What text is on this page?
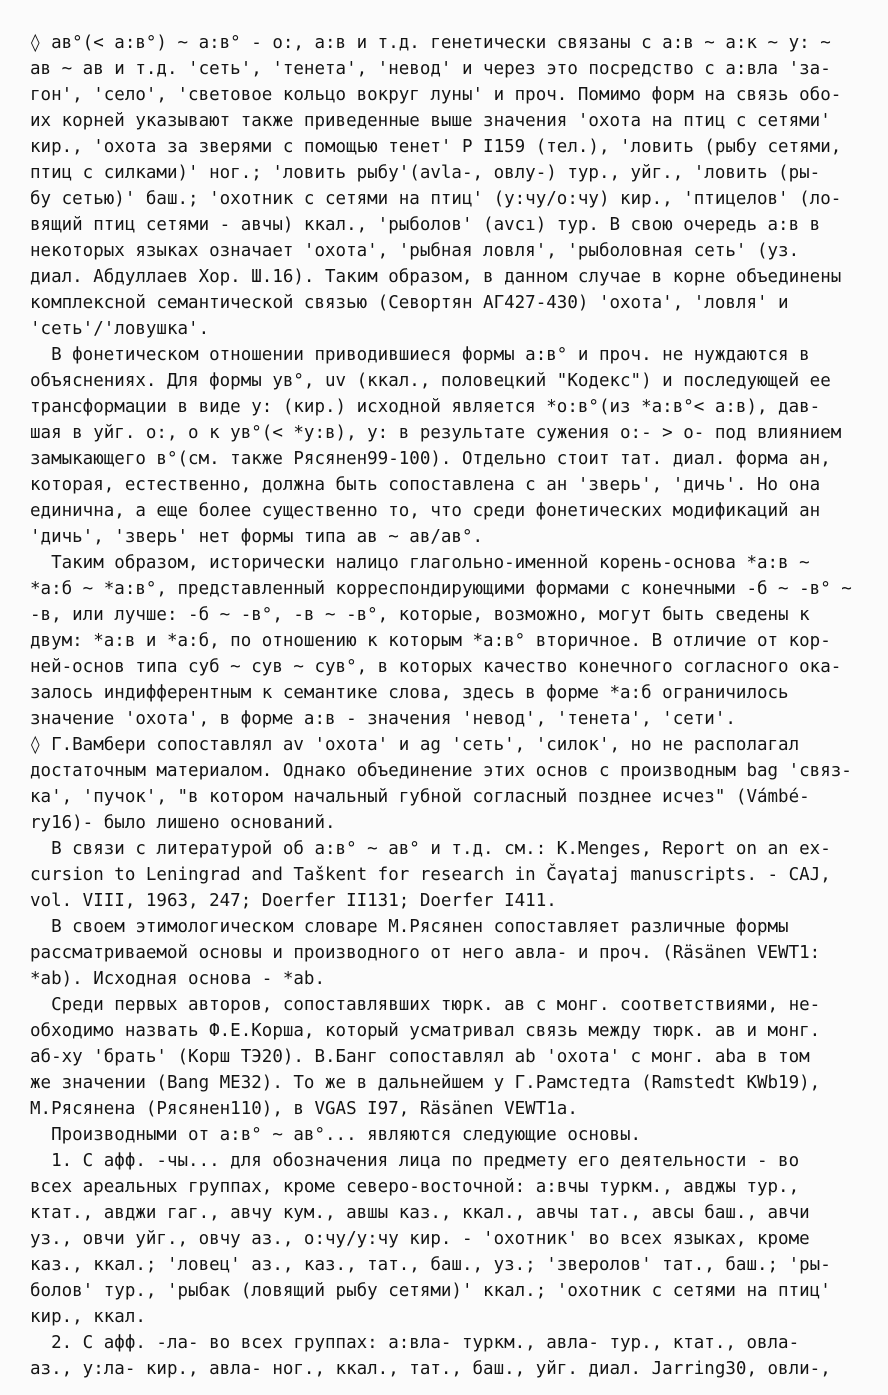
◊ ав°(< а:в°) ~ а:в° - о:, а:в и т.д. генетически связаны с а:в ~ а:к ~ у: ~
ав ~ ав и т.д. 'сеть', 'тенета', 'невод' и через это посредство с а:вла 'за-
гон', 'село', 'световое кольцо вокруг луны' и проч. Помимо форм на связь обо-
их корней указывают также приведенные выше значения 'охота на птиц с сетями'
кир., 'охота за зверями с помощью тенет' Р I159 (тел.), 'ловить (рыбу сетями,
птиц с силками)' ног.; 'ловить рыбу'(avla-, овлу-) тур., уйг., 'ловить (ры-
бу сетью)' баш.; 'охотник с сетями на птиц' (у:чу/о:чу) кир., 'птицелов' (ло-
вящий птиц сетями - авчы) ккал., 'рыболов' (avcı) тур. В свою очередь а:в в
некоторых языках означает 'охота', 'рыбная ловля', 'рыболовная сеть' (уз.
диал. Абдуллаев Хор. Ш.16). Таким образом, в данном случае в корне объединены
комплексной семантической связью (Севортян АГ427-430) 'охота', 'ловля' и
'сеть'/'ловушка'.
В фонетическом отношении приводившиеся формы а:в° и проч. не нуждаются в
объяснениях. Для формы ув°, uv (ккал., половецкий "Кодекс") и последующей ее
трансформации в виде у: (кир.) исходной является *о:в°(из *а:в°< а:в), дав-
шая в уйг. о:, о к ув°(< *у:в), у: в результате сужения о:- > о- под влиянием
замыкающего в°(см. также Рясянен99-100). Отдельно стоит тат. диал. форма ан,
которая, естественно, должна быть сопоставлена с ан 'зверь', 'дичь'. Но она
единична, а еще более существенно то, что среди фонетических модификаций ан
'дичь', 'зверь' нет формы типа ав ~ ав/ав°.
Таким образом, исторически налицо глагольно-именной корень-основа *а:в ~
*а:б ~ *а:в°, представленный корреспондирующими формами с конечными -б ~ -в° ~
-в, или лучше: -б ~ -в°, -в ~ -в°, которые, возможно, могут быть сведены к
двум: *а:в и *а:б, по отношению к которым *а:в° вторичное. В отличие от кор-
ней-основ типа суб ~ сув ~ сув°, в которых качество конечного согласного ока-
залось индифферентным к семантике слова, здесь в форме *а:б ограничилось
значение 'охота', в форме а:в - значения 'невод', 'тенета', 'сети'.
◊ Г.Вамбери сопоставлял av 'охота' и ag 'сеть', 'силок', но не располагал
достаточным материалом. Однако объединение этих основ с производным bag 'связ-
ка', 'пучок', "в котором начальный губной согласный позднее исчез" (Vámbé-
ry16)- было лишено оснований.
В связи с литературой об а:в° ~ ав° и т.д. см.: K.Menges, Report on an ex-
cursion to Leningrad and Taškent for research in Čaγataj manuscripts. - CAJ,
vol. VIII, 1963, 247; Doerfer II131; Doerfer I411.
В своем этимологическом словаре М.Рясянен сопоставляет различные формы
рассматриваемой основы и производного от него авла- и проч. (Räsänen VEWT1:
*ab). Исходная основа - *ab.
Среди первых авторов, сопоставлявших тюрк. ав с монг. соответствиями, не-
обходимо назвать Ф.Е.Корша, который усматривал связь между тюрк. ав и монг.
аб-ху 'брать' (Корш ТЭ20). В.Банг сопоставлял ab 'охота' с монг. aba в том
же значении (Bang ME32). То же в дальнейшем у Г.Рамстедта (Ramstedt KWb19),
М.Рясянена (Рясянен110), в VGAS I97, Räsänen VEWT1a.
Производными от а:в° ~ ав°... являются следующие основы.
1. С афф. -чы... для обозначения лица по предмету его деятельности - во
всех ареальных группах, кроме северо-восточной: а:вчы туркм., авджы тур.,
ктат., авджи гаг., авчу кум., авшы каз., ккал., авчы тат., авсы баш., авчи
уз., овчи уйг., овчу аз., о:чу/у:чу кир. - 'охотник' во всех языках, кроме
каз., ккал.; 'ловец' аз., каз., тат., баш., уз.; 'зверолов' тат., баш.; 'ры-
болов' тур., 'рыбак (ловящий рыбу сетями)' ккал.; 'охотник с сетями на птиц'
кир., ккал.
2. С афф. -ла- во всех группах: а:вла- туркм., авла- тур., ктат., овла-
аз., у:ла- кир., авла- ног., ккал., тат., баш., уйг. диал. Jarring30, овли-,
